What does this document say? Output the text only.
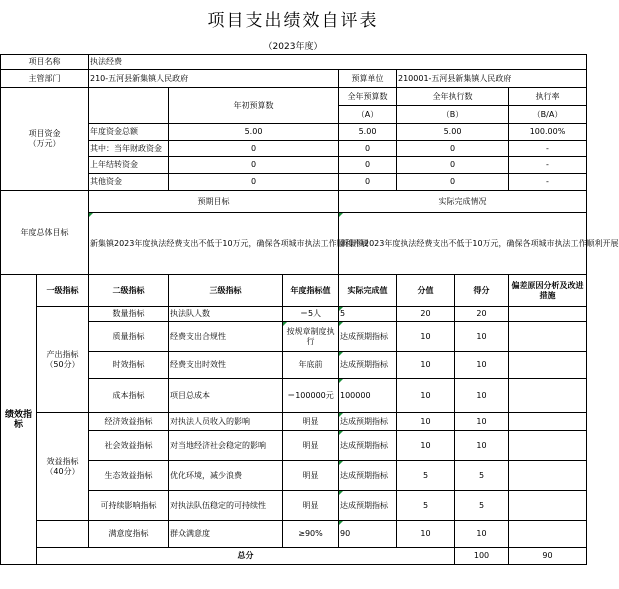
项目支出绩效自评表
（2023年度）
项目名称		执法经费							
主管部门		210-五河县新集镇人民政府			预算单位	210001-五河县新集镇人民政府			
项目资金
（万元）			年初预算数		全年预算数	全年执行数		执行率	
					（A）	（B）		（B/A）	
		年度资金总额	5.00		5.00	5.00		100.00%	
		其中：当年财政资金	0		0	0		-	
		上年结转资金	0		0	0		-	
		其他资金	0		0	0		-	
年度总体目标		预期目标			实际完成情况				
		新集镇2023年度执法经费支出不低于10万元，确保各项城市执法工作顺利开展			新集镇2023年度执法经费支出不低于10万元，确保各项城市执法工作顺利开展				
绩效指标	一级指标	二级指标	三级指标	年度指标值	实际完成值	分值	得分	偏差原因分析及改进措施	
	产出指标（50分）	数量指标	执法队人数	＝5人	5	20	20		
		质量指标	经费支出合规性	按规章制度执行	达成预期指标	10	10		
		时效指标	经费支出时效性	年底前	达成预期指标	10	10		
		成本指标	项目总成本	＝100000元	100000	10	10		
	效益指标（40分）	经济效益指标	对执法人员收入的影响	明显	达成预期指标	10	10		
		社会效益指标	对当地经济社会稳定的影响	明显	达成预期指标	10	10		
		生态效益指标	优化环境，减少浪费	明显	达成预期指标	5	5		
		可持续影响指标	对执法队伍稳定的可持续性	明显	达成预期指标	5	5		
		满意度指标	群众满意度	≥90%	90	10	10		
	总分						100	90	
